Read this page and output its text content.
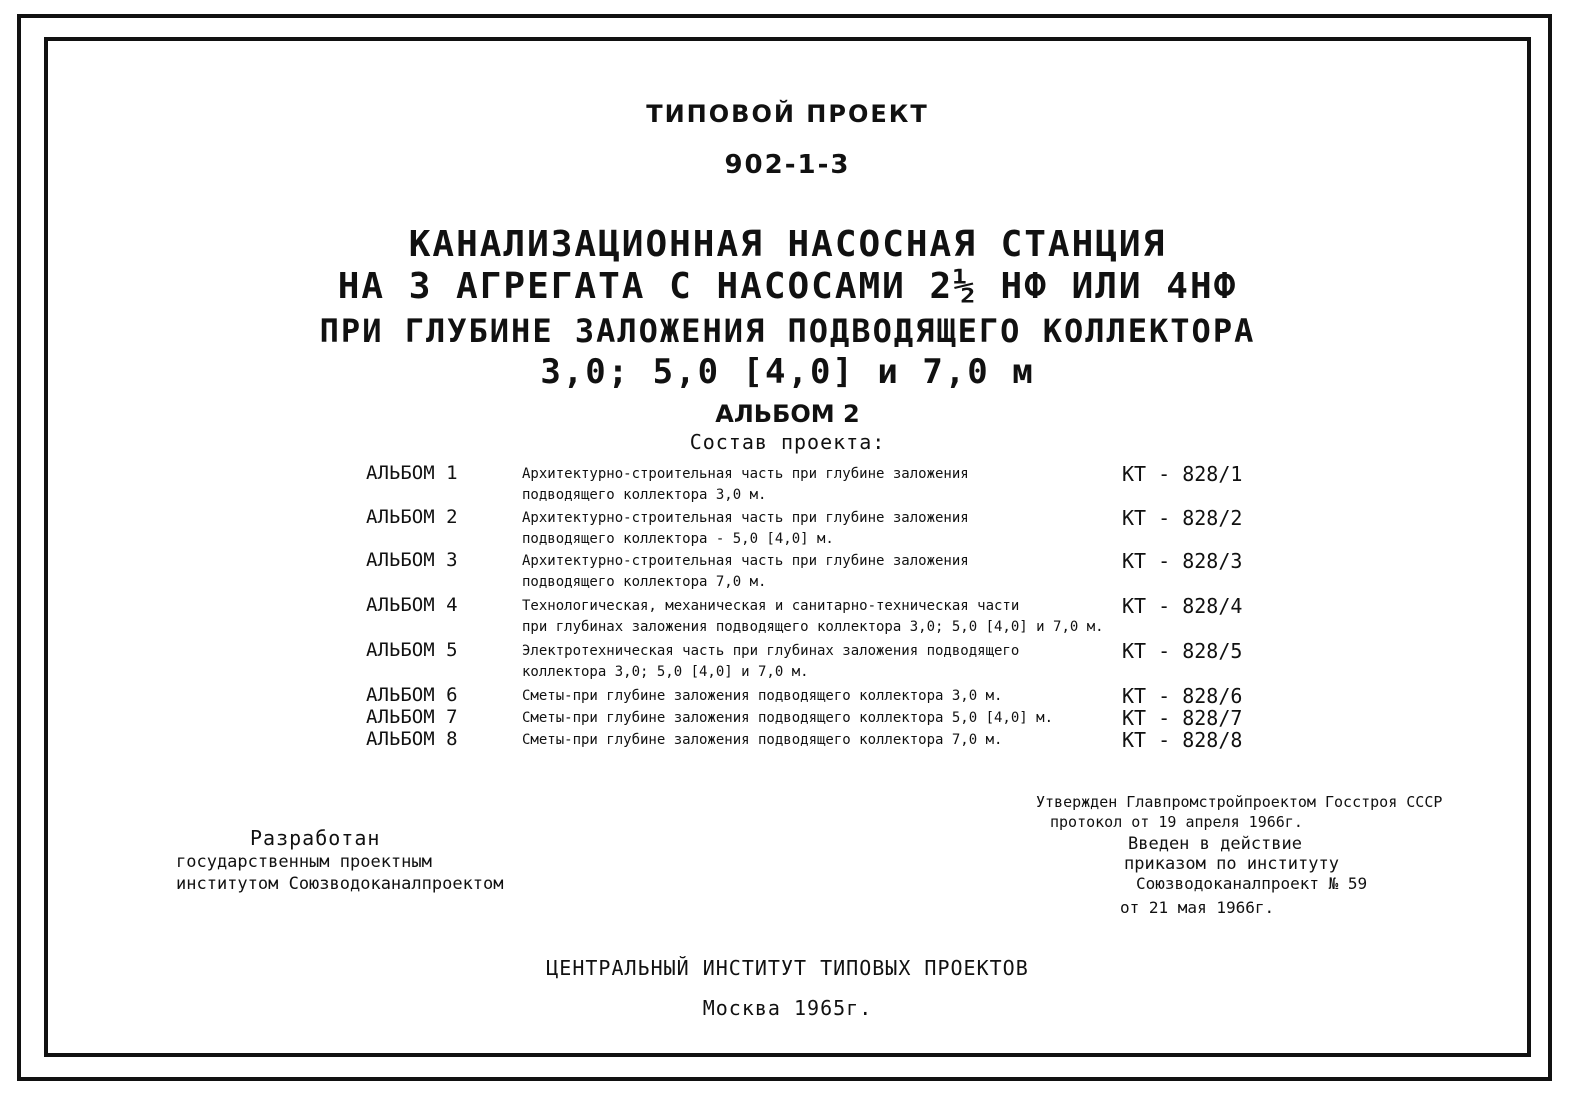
ТИПОВОЙ ПРОЕКТ
902-1-3
КАНАЛИЗАЦИОННАЯ НАСОСНАЯ СТАНЦИЯ
НА 3 АГРЕГАТА С НАСОСАМИ 2½ НФ ИЛИ 4НФ
ПРИ ГЛУБИНЕ ЗАЛОЖЕНИЯ ПОДВОДЯЩЕГО КОЛЛЕКТОРА
3,0; 5,0 [4,0] и 7,0 м
АЛЬБОМ 2
Состав проекта:
АЛЬБОМ 1	Архитектурно-строительная часть при глубине заложения
подводящего коллектора 3,0 м.
КТ - 828/1
АЛЬБОМ 2	Архитектурно-строительная часть при глубине заложения
подводящего коллектора - 5,0 [4,0] м.
КТ - 828/2
АЛЬБОМ 3	Архитектурно-строительная часть при глубине заложения
подводящего коллектора 7,0 м.
КТ - 828/3
АЛЬБОМ 4	Технологическая, механическая и санитарно-техническая части
при глубинах заложения подводящего коллектора 3,0; 5,0 [4,0] и 7,0 м.
КТ - 828/4
АЛЬБОМ 5	Электротехническая часть при глубинах заложения подводящего
коллектора 3,0; 5,0 [4,0] и 7,0 м.
КТ - 828/5
АЛЬБОМ 6	Сметы-при глубине заложения подводящего коллектора 3,0 м.	КТ - 828/6
АЛЬБОМ 7	Сметы-при глубине заложения подводящего коллектора 5,0 [4,0] м.	КТ - 828/7
АЛЬБОМ 8	Сметы-при глубине заложения подводящего коллектора 7,0 м.	КТ - 828/8
Разработан
государственным проектным
институтом Союзводоканалпроектом
Утвержден Главпромстройпроектом Госстроя СССР
протокол от 19 апреля 1966г.
Введен в действие
приказом по институту
Союзводоканалпроект № 59
от 21 мая 1966г.
ЦЕНТРАЛЬНЫЙ ИНСТИТУТ ТИПОВЫХ ПРОЕКТОВ
Москва 1965г.
